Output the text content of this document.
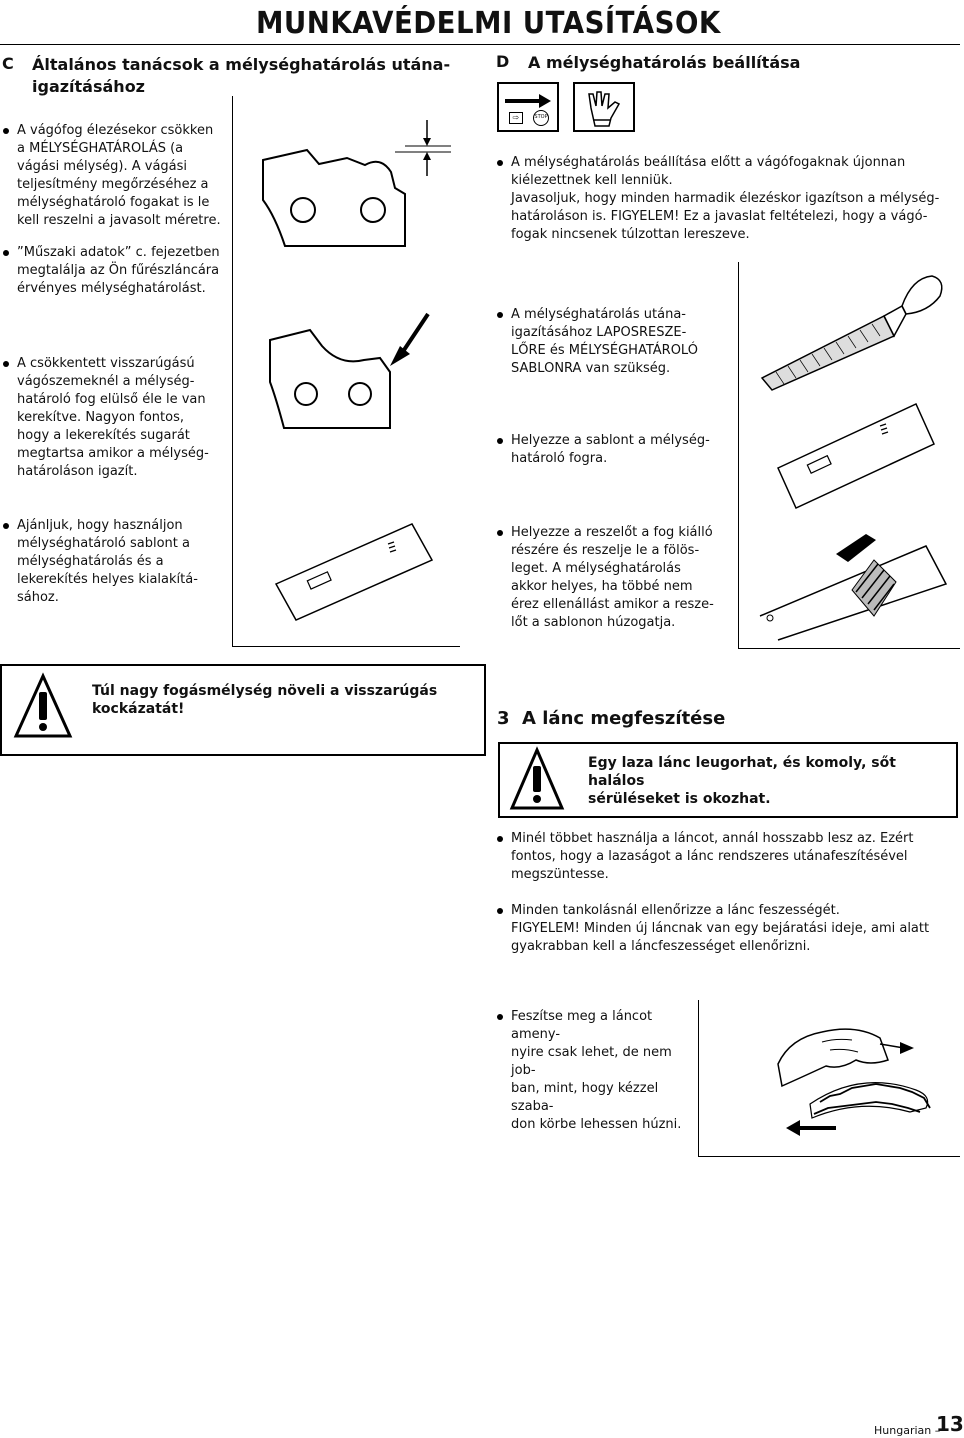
MUNKAVÉDELMI UTASÍTÁSOK
C Általános tanácsok a mélységhatárolás utána-
igazításához
A vágófog élezésekor csökken
a MÉLYSÉGHATÁROLÁS (a
vágási mélység). A vágási
teljesítmény megőrzéséhez a
mélységhatároló fogakat is le
kell reszelni a javasolt méretre.
”Műszaki adatok” c. fejezetben
megtalálja az Ön fűrészláncára
érvényes mélységhatárolást.
A csökkentett visszarúgású
vágószemeknél a mélység-
határoló fog elülső éle le van
kerekítve. Nagyon fontos,
hogy a lekerekítés sugarát
megtartsa amikor a mélység-
határoláson igazít.
Ajánljuk, hogy használjon
mélységhatároló sablont a
mélységhatárolás és a
lekerekítés helyes kialakítá-
sához.
D A mélységhatárolás beállítása
⇨	STOP
A mélységhatárolás beállítása előtt a vágófogaknak újonnan
kiélezettnek kell lenniük.
Javasoljuk, hogy minden harmadik élezéskor igazítson a mélység-
határoláson is. FIGYELEM! Ez a javaslat feltételezi, hogy a vágó-
fogak nincsenek túlzottan lereszeve.
A mélységhatárolás utána-
igazításához LAPOSRESZE-
LŐRE és MÉLYSÉGHATÁROLÓ
SABLONRA van szükség.
Helyezze a sablont a mélység-
határoló fogra.
Helyezze a reszelőt a fog kiálló
részére és reszelje le a fölös-
leget. A mélységhatárolás
akkor helyes, ha többé nem
érez ellenállást amikor a resze-
lőt a sablonon húzogatja.
Túl nagy fogásmélység növeli a visszarúgás
kockázatát!	3  A lánc megfeszítése
Egy laza lánc leugorhat, és komoly, sőt halálos
sérüléseket is okozhat.
Minél többet használja a láncot, annál hosszabb lesz az. Ezért
fontos, hogy a lazaságot a lánc rendszeres utánafeszítésével
megszüntesse.
Minden tankolásnál ellenőrizze a lánc feszességét.
FIGYELEM! Minden új láncnak van egy bejáratási ideje, ami alatt
gyakrabban kell a láncfeszességet ellenőrizni.
Feszítse meg a láncot ameny-
nyire csak lehet, de nem job-
ban, mint, hogy kézzel szaba-
don körbe lehessen húzni.
Hungarian –
13
